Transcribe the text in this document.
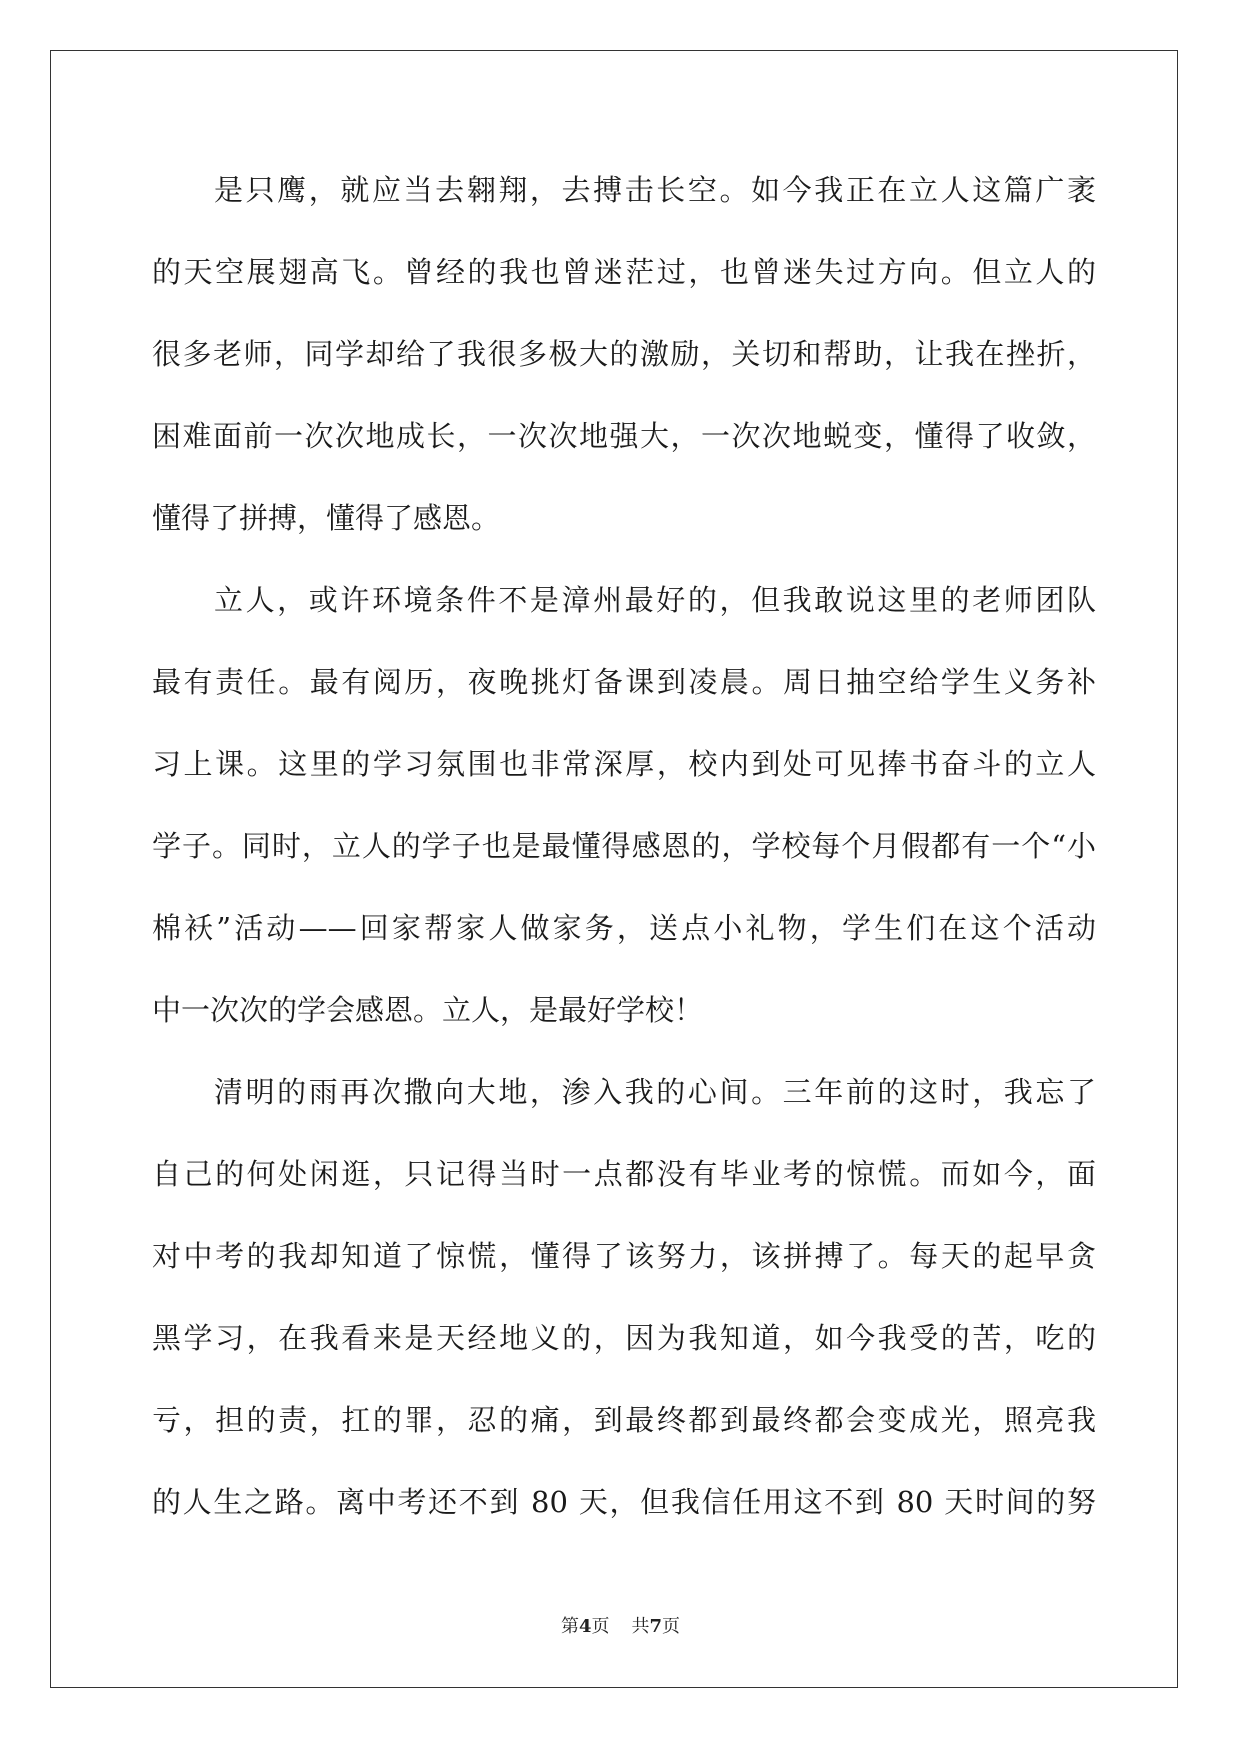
是只鹰，就应当去翱翔，去搏击长空。如今我正在立人这篇广袤
的天空展翅高飞。曾经的我也曾迷茫过，也曾迷失过方向。但立人的
很多老师，同学却给了我很多极大的激励，关切和帮助，让我在挫折，
困难面前一次次地成长，一次次地强大，一次次地蜕变，懂得了收敛，
懂得了拼搏，懂得了感恩。
立人，或许环境条件不是漳州最好的，但我敢说这里的老师团队
最有责任。最有阅历，夜晚挑灯备课到凌晨。周日抽空给学生义务补
习上课。这里的学习氛围也非常深厚，校内到处可见捧书奋斗的立人
学子。同时，立人的学子也是最懂得感恩的，学校每个月假都有一个“小
棉袄”活动——回家帮家人做家务，送点小礼物，学生们在这个活动
中一次次的学会感恩。立人，是最好学校！
清明的雨再次撒向大地，渗入我的心间。三年前的这时，我忘了
自己的何处闲逛，只记得当时一点都没有毕业考的惊慌。而如今，面
对中考的我却知道了惊慌，懂得了该努力，该拼搏了。每天的起早贪
黑学习，在我看来是天经地义的，因为我知道，如今我受的苦，吃的
亏，担的责，扛的罪，忍的痛，到最终都到最终都会变成光，照亮我
的人生之路。离中考还不到 80 天，但我信任用这不到 80 天时间的努
第4页 共7页
